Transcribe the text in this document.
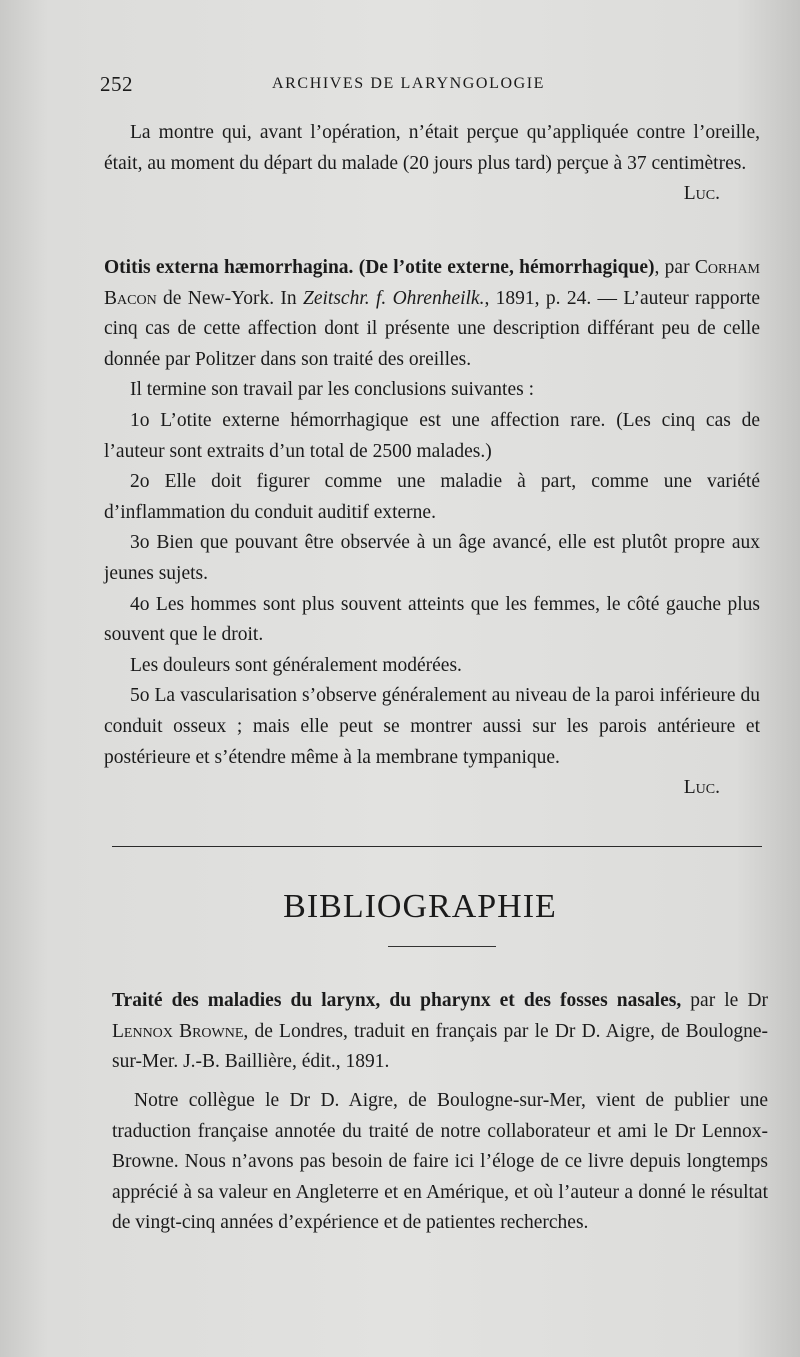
252	ARCHIVES DE LARYNGOLOGIE

La montre qui, avant l’opération, n’était perçue qu’appliquée contre l’oreille, était, au moment du départ du malade (20 jours plus tard) perçue à 37 centimètres.

Luc.

Otitis externa hæmorrhagina. (De l’otite externe, hémorrhagique), par Corham Bacon de New-York. In Zeitschr. f. Ohrenheilk., 1891, p. 24. — L’auteur rapporte cinq cas de cette affection dont il présente une description différant peu de celle donnée par Politzer dans son traité des oreilles.

Il termine son travail par les conclusions suivantes :

1o L’otite externe hémorrhagique est une affection rare. (Les cinq cas de l’auteur sont extraits d’un total de 2500 malades.)

2o Elle doit figurer comme une maladie à part, comme une variété d’inflammation du conduit auditif externe.

3o Bien que pouvant être observée à un âge avancé, elle est plutôt propre aux jeunes sujets.

4o Les hommes sont plus souvent atteints que les femmes, le côté gauche plus souvent que le droit.

Les douleurs sont généralement modérées.

5o La vascularisation s’observe généralement au niveau de la paroi inférieure du conduit osseux ; mais elle peut se montrer aussi sur les parois antérieure et postérieure et s’étendre même à la membrane tympanique.

Luc.
BIBLIOGRAPHIE
Traité des maladies du larynx, du pharynx et des fosses nasales, par le Dr Lennox Browne, de Londres, traduit en français par le Dr D. Aigre, de Boulogne-sur-Mer. J.-B. Baillière, édit., 1891.

Notre collègue le Dr D. Aigre, de Boulogne-sur-Mer, vient de publier une traduction française annotée du traité de notre collaborateur et ami le Dr Lennox-Browne. Nous n’avons pas besoin de faire ici l’éloge de ce livre depuis longtemps apprécié à sa valeur en Angleterre et en Amérique, et où l’auteur a donné le résultat de vingt-cinq années d’expérience et de patientes recherches.
